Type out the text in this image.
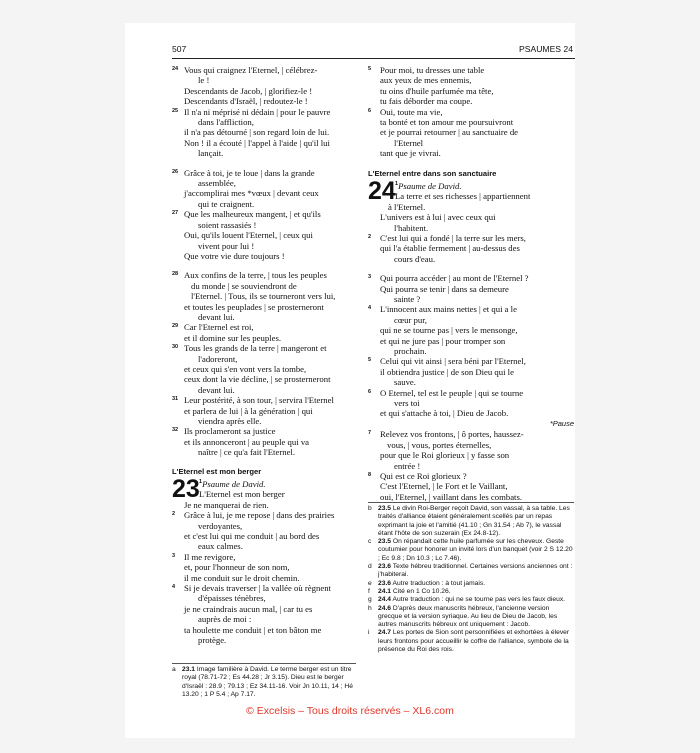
507	PSAUMES 24
24 Vous qui craignez l'Eternel, | célébrez-
le !
Descendants de Jacob, | glorifiez-le !
Descendants d'Israël, | redoutez-le !
25 Il n'a ni méprisé ni dédain | pour le pauvre
dans l'affliction,
il n'a pas détourné | son regard loin de lui.
Non ! il a écouté | l'appel à l'aide | qu'il lui
lançait.
26 Grâce à toi, je te loue | dans la grande
assemblée,
j'accomplirai mes *vœux | devant ceux
qui te craignent.
27 Que les malheureux mangent, | et qu'ils
soient rassasiés !
Oui, qu'ils louent l'Eternel, | ceux qui
vivent pour lui !
Que votre vie dure toujours !
28 Aux confins de la terre, | tous les peuples
du monde | se souviendront de
l'Eternel. | Tous, ils se tourneront vers lui,
et toutes les peuplades | se prosterneront
devant lui.
29 Car l'Eternel est roi,
et il domine sur les peuples.
30 Tous les grands de la terre | mangeront et
l'adoreront,
et ceux qui s'en vont vers la tombe,
ceux dont la vie décline, | se prosterneront
devant lui.
31 Leur postérité, à son tour, | servira l'Eternel
et parlera de lui | à la génération | qui
viendra après elle.
32 Ils proclameront sa justice
et ils annonceront | au peuple qui va
naître | ce qu'a fait l'Eternel.
L'Eternel est mon berger
23 $^1$Psaume de David.
L'Eternel est mon berger
Je ne manquerai de rien.
2 Grâce à lui, je me repose | dans des prairies
verdoyantes,
et c'est lui qui me conduit | au bord des
eaux calmes.
3 Il me revigore,
et, pour l'honneur de son nom,
il me conduit sur le droit chemin.
4 Si je devais traverser | la vallée où règnent
d'épaisses ténèbres,
je ne craindrais aucun mal, | car tu es
auprès de moi :
ta houlette me conduit | et ton bâton me
protège.
5 Pour moi, tu dresses une table
aux yeux de mes ennemis,
tu oins d'huile parfumée ma tête,
tu fais déborder ma coupe.
6 Oui, toute ma vie,
ta bonté et ton amour me poursuivront
et je pourrai retourner | au sanctuaire de
l'Eternel
tant que je vivrai.
L'Eternel entre dans son sanctuaire
24 $^1$Psaume de David.
La terre et ses richesses | appartiennent
à l'Eternel.
L'univers est à lui | avec ceux qui
l'habitent.
2 C'est lui qui a fondé | la terre sur les mers,
qui l'a établie fermement | au-dessus des
cours d'eau.
3 Qui pourra accéder | au mont de l'Eternel ?
Qui pourra se tenir | dans sa demeure
sainte ?
4 L'innocent aux mains nettes | et qui a le
cœur pur,
qui ne se tourne pas | vers le mensonge,
et qui ne jure pas | pour tromper son
prochain.
5 Celui qui vit ainsi | sera béni par l'Eternel,
il obtiendra justice | de son Dieu qui le
sauve.
6 O Eternel, tel est le peuple | qui se tourne
vers toi
et qui s'attache à toi, | Dieu de Jacob.
*Pause
7 Relevez vos frontons, | ô portes, haussez-
vous, | vous, portes éternelles,
pour que le Roi glorieux | y fasse son
entrée !
8 Qui est ce Roi glorieux ?
C'est l'Eternel, | le Fort et le Vaillant,
oui, l'Eternel, | vaillant dans les combats.
a 23.1 Image familière à David. Le terme berger est un titre royal (78.71-72 ; Es 44.28 ; Jr 3.15). Dieu est le berger d'Israël : 28.9 ; 79.13 ; Ez 34.11-16. Voir Jn 10.11, 14 ; Hé 13.20 ; 1 P 5.4 ; Ap 7.17.
b 23.5 Le divin Roi-Berger reçoit David, son vassal, à sa table. Les traités d'alliance étaient généralement scellés par un repas exprimant la joie et l'amitié (41.10 ; Gn 31.54 ; Ab 7), le vassal étant l'hôte de son suzerain (Ex 24.8-12).
c 23.5 On répandait cette huile parfumée sur les cheveux. Geste coutumier pour honorer un invité lors d'un banquet (voir 2 S 12.20 ; Ec 9.8 ; Dn 10.3 ; Lc 7.46).
d 23.6 Texte hébreu traditionnel. Certaines versions anciennes ont : j'habiterai.
e 23.6 Autre traduction : à tout jamais.
f 24.1 Cité en 1 Co 10.26.
g 24.4 Autre traduction : qui ne se tourne pas vers les faux dieux.
h 24.6 D'après deux manuscrits hébreux, l'ancienne version grecque et la version syriaque. Au lieu de Dieu de Jacob, les autres manuscrits hébreux ont uniquement : Jacob.
i 24.7 Les portes de Sion sont personnifiées et exhortées à élever leurs frontons pour accueillir le coffre de l'alliance, symbole de la présence du Roi des rois.
© Excelsis – Tous droits réservés – XL6.com
